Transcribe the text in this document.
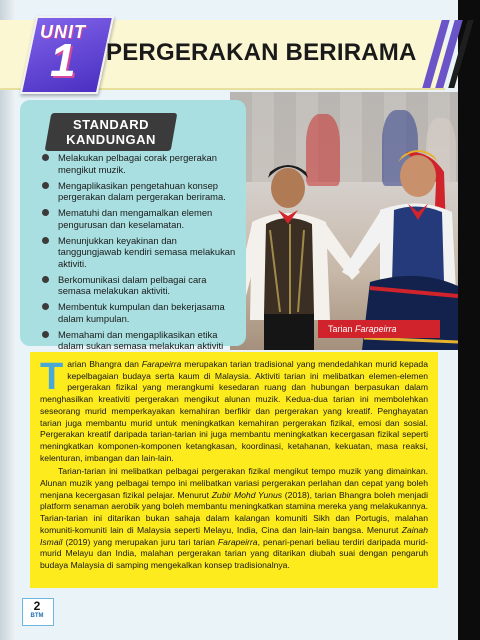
UNIT
1 PERGERAKAN BERIRAMA
Tarian Farapeirra
STANDARD
KANDUNGAN
Melakukan pelbagai corak pergerakan mengikut muzik.
Mengaplikasikan pengetahuan konsep pergerakan dalam pergerakan berirama.
Mematuhi dan mengamalkan elemen pengurusan dan keselamatan.
Menunjukkan keyakinan dan tanggungjawab kendiri semasa melakukan aktiviti.
Berkomunikasi dalam pelbagai cara semasa melakukan aktiviti.
Membentuk kumpulan dan bekerjasama dalam kumpulan.
Memahami dan mengaplikasikan etika dalam sukan semasa melakukan aktiviti

Tarian Bhangra dan Farapeirra merupakan tarian tradisional yang mendedahkan murid kepada kepelbagaian budaya serta kaum di Malaysia. Aktiviti tarian ini melibatkan elemen-elemen pergerakan fizikal yang merangkumi kesedaran ruang dan hubungan berpasukan dalam menghasilkan kreativiti pergerakan mengikut alunan muzik. Kedua-dua tarian ini membolehkan seseorang murid memperkayakan kemahiran berfikir dan pergerakan yang kreatif. Penghayatan tarian juga membantu murid untuk meningkatkan kemahiran pergerakan fizikal, emosi dan sosial. Pergerakan kreatif daripada tarian-tarian ini juga membantu meningkatkan kecergasan fizikal seperti meningkatkan komponen-komponen ketangkasan, koordinasi, ketahanan, kekuatan, masa reaksi, kelenturan, imbangan dan lain-lain.

Tarian-tarian ini melibatkan pelbagai pergerakan fizikal mengikut tempo muzik yang dimainkan. Alunan muzik yang pelbagai tempo ini melibatkan variasi pergerakan perlahan dan cepat yang boleh menjana kecergasan fizikal pelajar. Menurut Zubir Mohd Yunus (2018), tarian Bhangra boleh menjadi platform senaman aerobik yang boleh membantu meningkatkan stamina mereka yang melakukannya. Tarian-tarian ini ditarikan bukan sahaja dalam kalangan komuniti Sikh dan Portugis, malahan komuniti-komuniti lain di Malaysia seperti Melayu, India, Cina dan lain-lain bangsa. Menurut Zainah Ismail (2019) yang merupakan juru tari tarian Farapeirra, penari-penari beliau terdiri daripada murid-murid Melayu dan India, malahan pergerakan tarian yang ditarikan diubah suai dengan pengaruh budaya Malaysia di samping mengekalkan konsep tradisionalnya.

2
BTM
